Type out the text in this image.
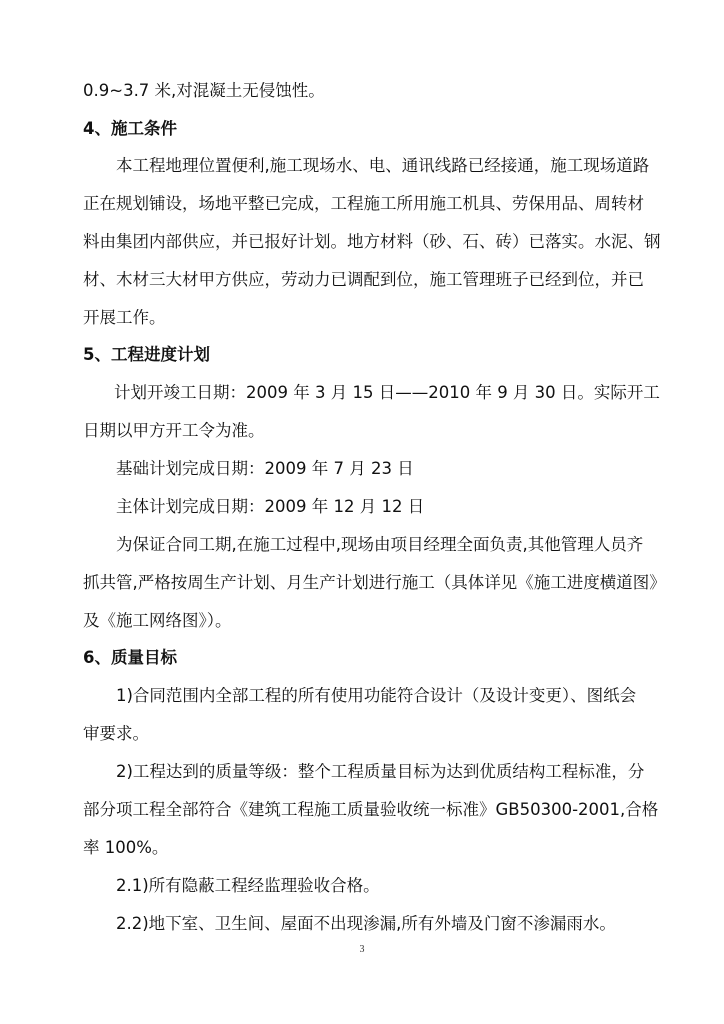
0.9~3.7 米,对混凝土无侵蚀性。
4、施工条件
本工程地理位置便利,施工现场水、电、通讯线路已经接通，施工现场道路
正在规划铺设，场地平整已完成，工程施工所用施工机具、劳保用品、周转材
料由集团内部供应，并已报好计划。地方材料（砂、石、砖）已落实。水泥、钢
材、木材三大材甲方供应，劳动力已调配到位，施工管理班子已经到位，并已
开展工作。
5、工程进度计划
计划开竣工日期：2009 年 3 月 15 日——2010 年 9 月 30 日。实际开工
日期以甲方开工令为准。
基础计划完成日期：2009 年 7 月 23 日
主体计划完成日期：2009 年 12 月 12 日
为保证合同工期,在施工过程中,现场由项目经理全面负责,其他管理人员齐
抓共管,严格按周生产计划、月生产计划进行施工（具体详见《施工进度横道图》
及《施工网络图》）。
6、质量目标
1)合同范围内全部工程的所有使用功能符合设计（及设计变更）、图纸会
审要求。
2)工程达到的质量等级：整个工程质量目标为达到优质结构工程标准，分
部分项工程全部符合《建筑工程施工质量验收统一标准》GB50300-2001,合格
率 100%。
2.1)所有隐蔽工程经监理验收合格。
2.2)地下室、卫生间、屋面不出现渗漏,所有外墙及门窗不渗漏雨水。
3
